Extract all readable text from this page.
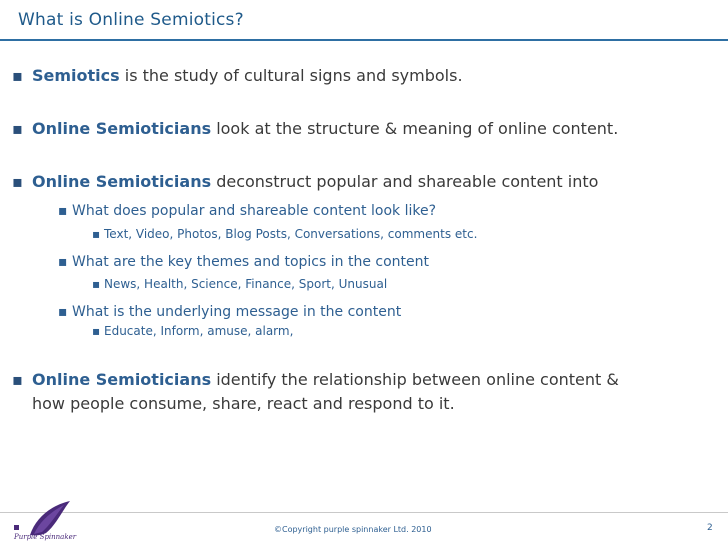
What is Online Semiotics?
▪ Semiotics is the study of cultural signs and symbols.
▪ Online Semioticians look at the structure & meaning of online content.
▪ Online Semioticians deconstruct popular and shareable content into
▪ What does popular and shareable content look like?
▪ Text, Video, Photos, Blog Posts, Conversations, comments etc.
▪ What are the key themes and topics in the content
▪ News, Health, Science, Finance, Sport, Unusual
▪ What is the underlying message in the content
▪ Educate, Inform, amuse, alarm,
▪ Online Semioticians identify the relationship between online content &
how people consume, share, react and respond to it.
Purple Spinnaker
©Copyright purple spinnaker Ltd. 2010	2
